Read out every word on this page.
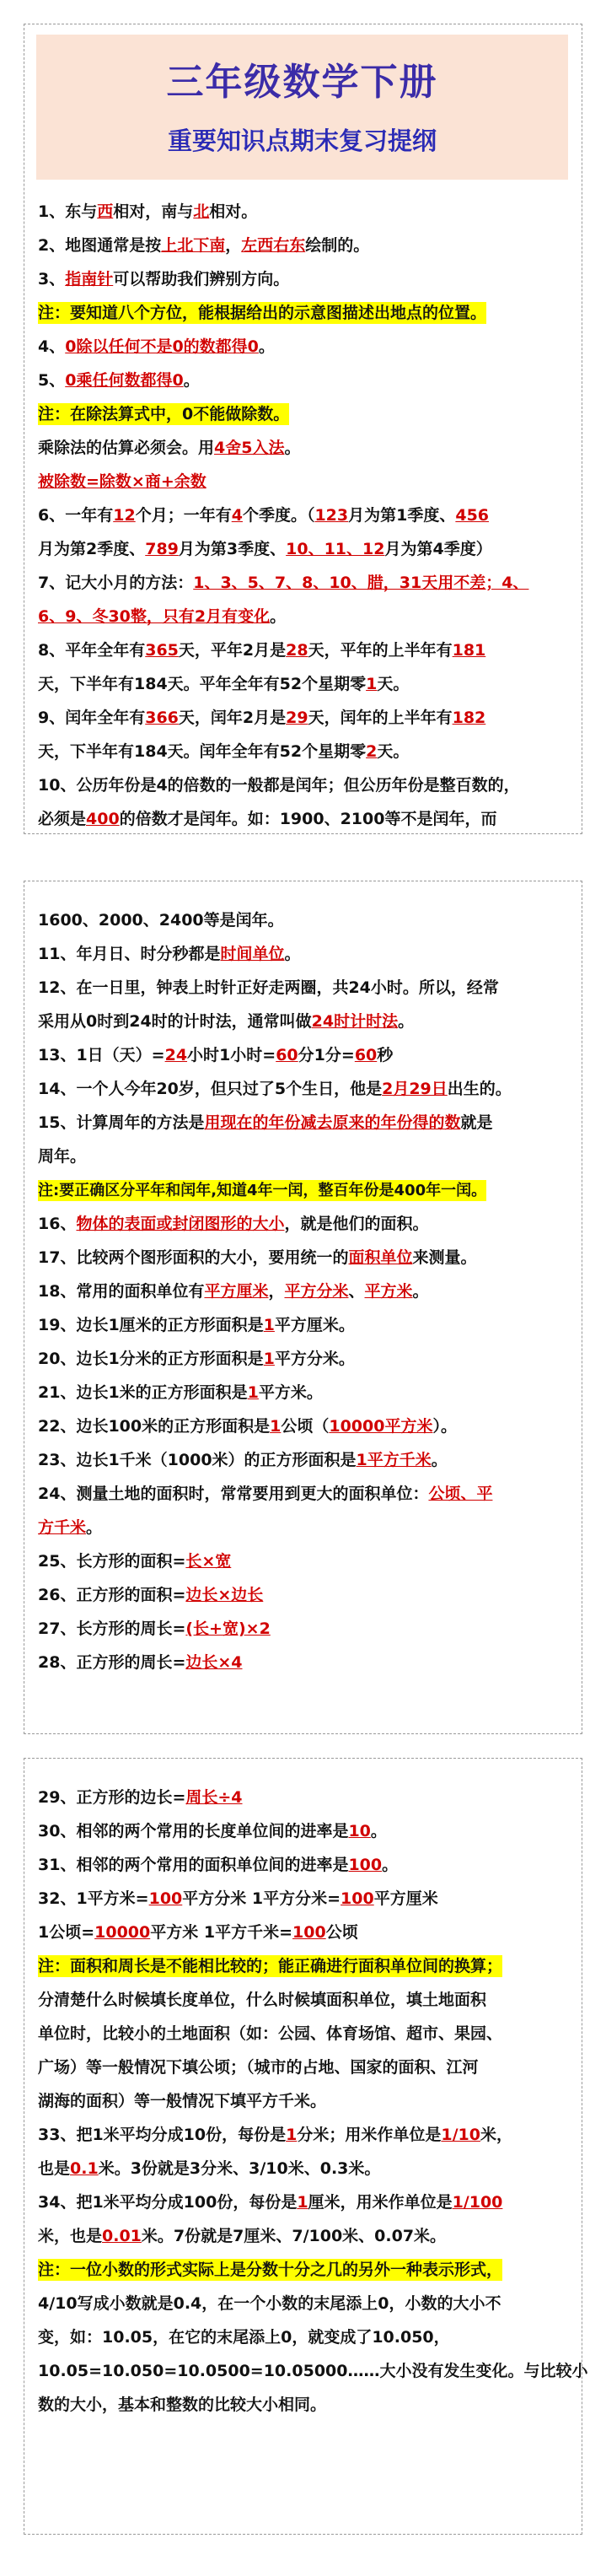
三年级数学下册
重要知识点期末复习提纲
1、东与西相对，南与北相对。
2、地图通常是按上北下南，左西右东绘制的。
3、指南针可以帮助我们辨别方向。
注：要知道八个方位，能根据给出的示意图描述出地点的位置。
4、0除以任何不是0的数都得0。
5、0乘任何数都得0。
注：在除法算式中，0不能做除数。
乘除法的估算必须会。用4舍5入法。
被除数=除数×商+余数
6、一年有12个月；一年有4个季度。（123月为第1季度、456
月为第2季度、789月为第3季度、10、11、12月为第4季度）
7、记大小月的方法：1、3、5、7、8、10、腊，31天用不差；4、
6、9、冬30整，只有2月有变化。
8、平年全年有365天，平年2月是28天，平年的上半年有181
天，下半年有184天。平年全年有52个星期零1天。
9、闰年全年有366天，闰年2月是29天，闰年的上半年有182
天，下半年有184天。闰年全年有52个星期零2天。
10、公历年份是4的倍数的一般都是闰年；但公历年份是整百数的，
必须是400的倍数才是闰年。如：1900、2100等不是闰年，而
1600、2000、2400等是闰年。
11、年月日、时分秒都是时间单位。
12、在一日里，钟表上时针正好走两圈，共24小时。所以，经常
采用从0时到24时的计时法，通常叫做24时计时法。
13、1日（天）=24小时1小时=60分1分=60秒
14、一个人今年20岁，但只过了5个生日，他是2月29日出生的。
15、计算周年的方法是用现在的年份减去原来的年份得的数就是
周年。
注:要正确区分平年和闰年,知道4年一闰，整百年份是400年一闰。
16、物体的表面或封闭图形的大小，就是他们的面积。
17、比较两个图形面积的大小，要用统一的面积单位来测量。
18、常用的面积单位有平方厘米，平方分米、平方米。
19、边长1厘米的正方形面积是1平方厘米。
20、边长1分米的正方形面积是1平方分米。
21、边长1米的正方形面积是1平方米。
22、边长100米的正方形面积是1公顷（10000平方米）。
23、边长1千米（1000米）的正方形面积是1平方千米。
24、测量土地的面积时，常常要用到更大的面积单位：公顷、平
方千米。
25、长方形的面积=长×宽
26、正方形的面积=边长×边长
27、长方形的周长=(长+宽)×2
28、正方形的周长=边长×4
29、正方形的边长=周长÷4
30、相邻的两个常用的长度单位间的进率是10。
31、相邻的两个常用的面积单位间的进率是100。
32、1平方米=100平方分米 1平方分米=100平方厘米
1公顷=10000平方米 1平方千米=100公顷
注：面积和周长是不能相比较的；能正确进行面积单位间的换算；
分清楚什么时候填长度单位，什么时候填面积单位，填土地面积
单位时，比较小的土地面积（如：公园、体育场馆、超市、果园、
广场）等一般情况下填公顷；（城市的占地、国家的面积、江河
湖海的面积）等一般情况下填平方千米。
33、把1米平均分成10份，每份是1分米；用米作单位是1/10米，
也是0.1米。3份就是3分米、3/10米、0.3米。
34、把1米平均分成100份，每份是1厘米，用米作单位是1/100
米，也是0.01米。7份就是7厘米、7/100米、0.07米。
注：一位小数的形式实际上是分数十分之几的另外一种表示形式，
4/10写成小数就是0.4，在一个小数的末尾添上0，小数的大小不
变，如：10.05，在它的末尾添上0，就变成了10.050，
10.05=10.050=10.0500=10.05000……大小没有发生变化。与比较小
数的大小，基本和整数的比较大小相同。
